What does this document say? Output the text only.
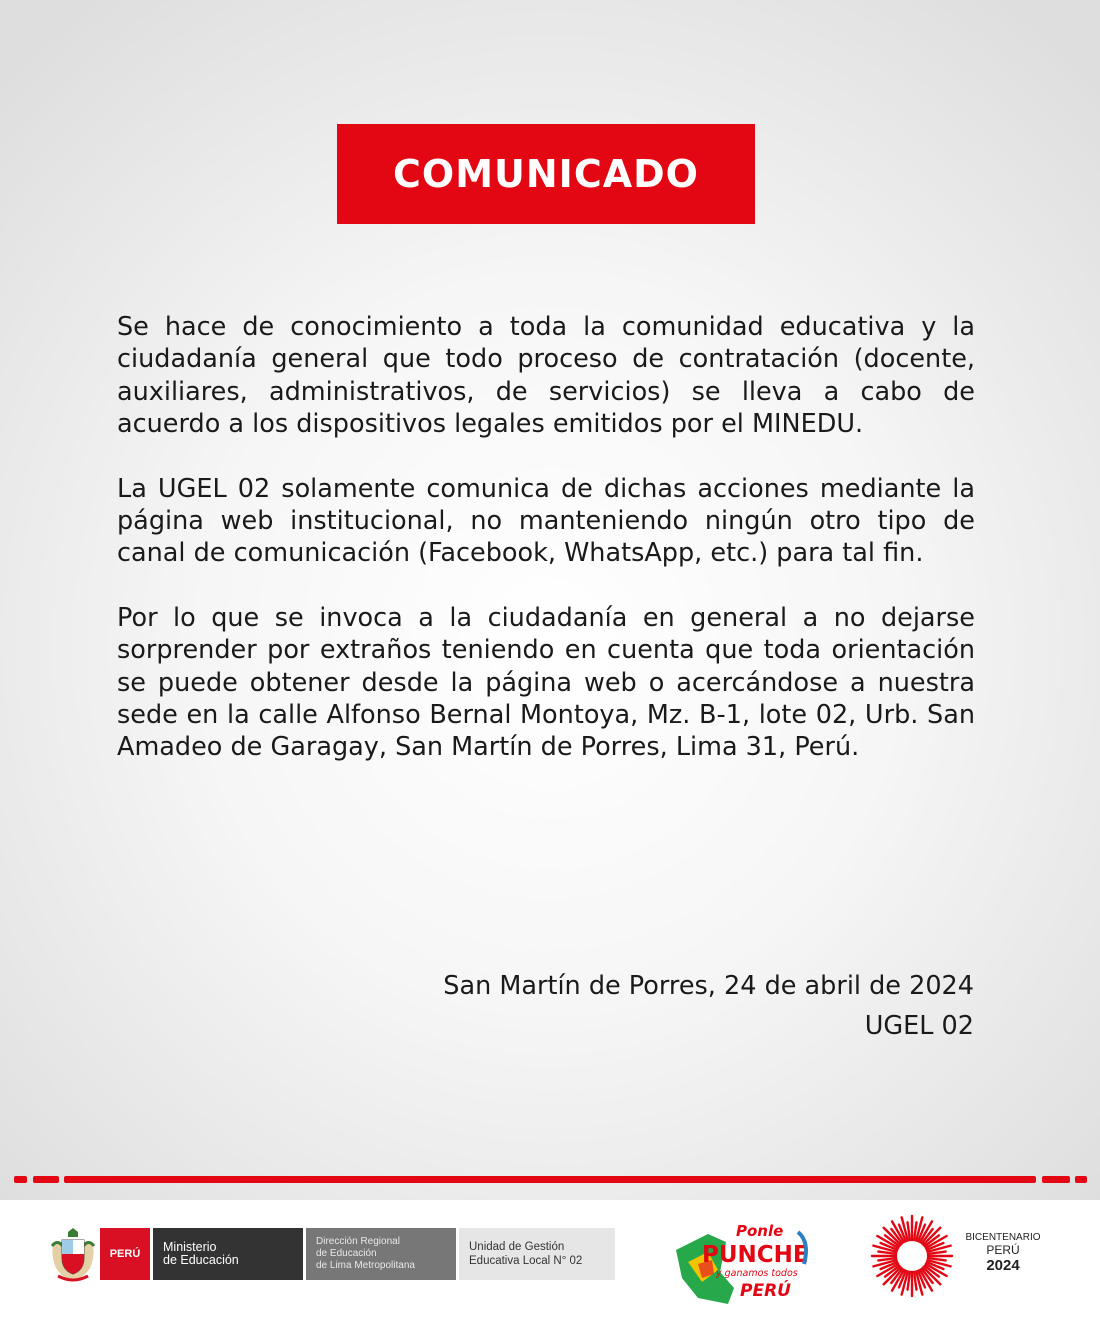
COMUNICADO

Se hace de conocimiento a toda la comunidad educativa y la ciudadanía general que todo proceso de contratación (docente, auxiliares, administrativos, de servicios) se lleva a cabo de acuerdo a los dispositivos legales emitidos por el MINEDU.

La UGEL 02 solamente comunica de dichas acciones mediante la página web institucional, no manteniendo ningún otro tipo de canal de comunicación (Facebook, WhatsApp, etc.) para tal fin.

Por lo que se invoca a la ciudadanía en general a no dejarse sorprender por extraños teniendo en cuenta que toda orientación se puede obtener desde la página web o acercándose a nuestra sede en la calle Alfonso Bernal Montoya, Mz. B-1, lote 02, Urb. San Amadeo de Garagay, San Martín de Porres, Lima 31, Perú.

San Martín de Porres, 24 de abril de 2024
UGEL 02
PERÚ	Ministerio
de Educación
Dirección Regional
de Educación
de Lima Metropolitana
Unidad de Gestión
Educativa Local N° 02
Ponle
PUNCHE
y ganamos todos
PERÚ
BICENTENARIO
PERÚ
2024
